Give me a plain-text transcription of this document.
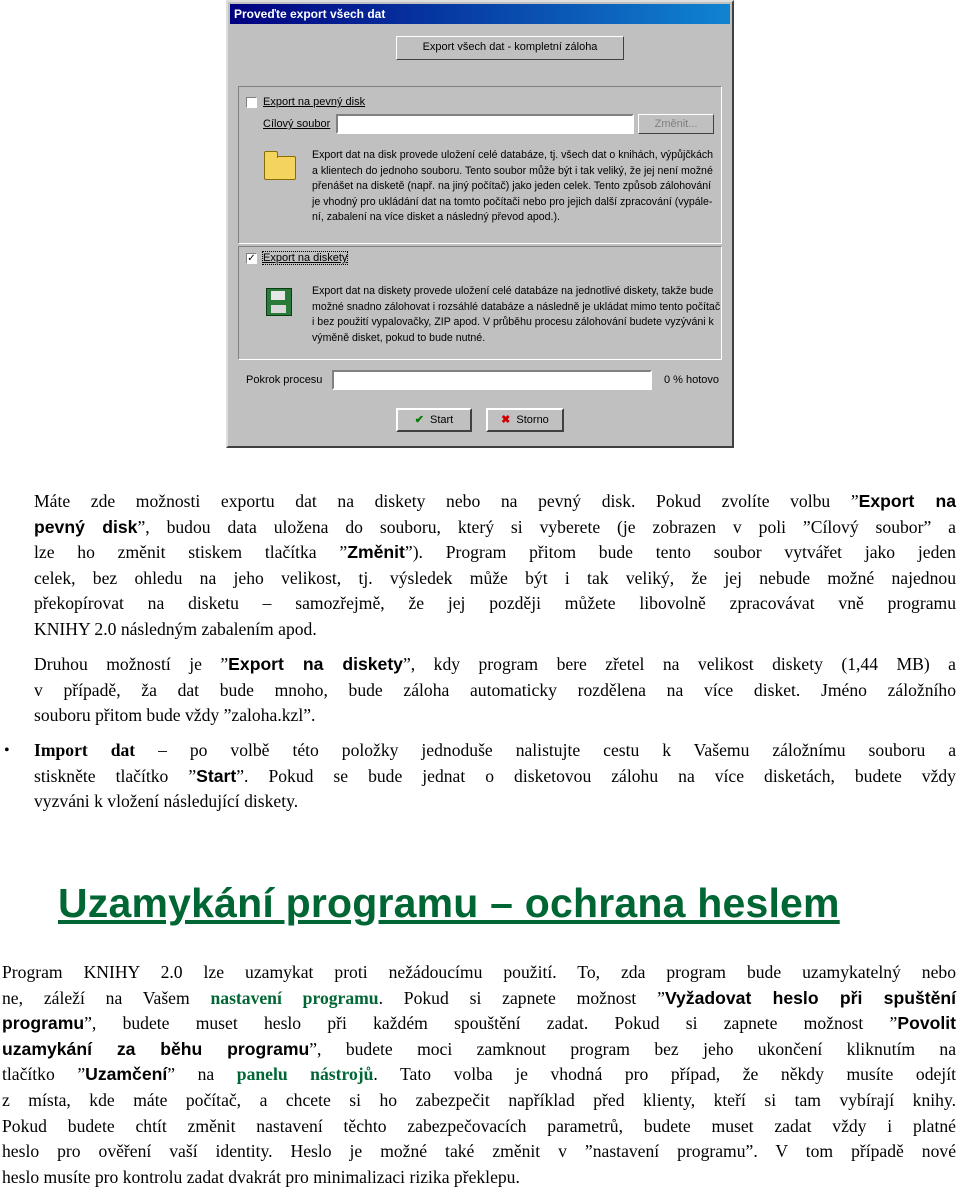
Proveďte export všech dat
Export všech dat - kompletní záloha
Export na pevný disk
Cílový soubor	Změnit...
Export dat na disk provede uložení celé databáze, tj. všech dat o knihách, výpůjčkách
a klientech do jednoho souboru. Tento soubor může být i tak veliký, že jej není možné
přenášet na disketě (např. na jiný počítač) jako jeden celek. Tento způsob zálohování
je vhodný pro ukládání dat na tomto počítači nebo pro jejich další zpracování (vypále-
ní, zabalení na více disket a následný převod apod.).
✓ Export na diskety
Export dat na diskety provede uložení celé databáze na jednotlivé diskety, takže bude
možné snadno zálohovat i rozsáhlé databáze a následně je ukládat mimo tento počítač
i bez použití vypalovačky, ZIP apod. V průběhu procesu zálohování budete vyzýváni k
výměně disket, pokud to bude nutné.
Pokrok procesu	0 % hotovo
✔ Start	✖ Storno
Máte zde možnosti exportu dat na diskety nebo na pevný disk. Pokud zvolíte volbu ”Export na
pevný disk”, budou data uložena do souboru, který si vyberete (je zobrazen v poli ”Cílový soubor” a
lze ho změnit stiskem tlačítka ”Změnit”). Program přitom bude tento soubor vytvářet jako jeden
celek, bez ohledu na jeho velikost, tj. výsledek může být i tak veliký, že jej nebude možné najednou
překopírovat na disketu – samozřejmě, že jej později můžete libovolně zpracovávat vně programu
KNIHY 2.0 následným zabalením apod.
Druhou možností je ”Export na diskety”, kdy program bere zřetel na velikost diskety (1,44 MB) a
v případě, ža dat bude mnoho, bude záloha automaticky rozdělena na více disket. Jméno záložního
souboru přitom bude vždy ”zaloha.kzl”.
• Import dat – po volbě této položky jednoduše nalistujte cestu k Vašemu záložnímu souboru a
stiskněte tlačítko ”Start”. Pokud se bude jednat o disketovou zálohu na více disketách, budete vždy
vyzváni k vložení následující diskety.
Uzamykání programu – ochrana heslem
Program KNIHY 2.0 lze uzamykat proti nežádoucímu použití. To, zda program bude uzamykatelný nebo
ne, záleží na Vašem nastavení programu. Pokud si zapnete možnost ”Vyžadovat heslo při spuštění
programu”, budete muset heslo při každém spouštění zadat. Pokud si zapnete možnost ”Povolit
uzamykání za běhu programu”, budete moci zamknout program bez jeho ukončení kliknutím na
tlačítko ”Uzamčení” na panelu nástrojů. Tato volba je vhodná pro případ, že někdy musíte odejít
z místa, kde máte počítač, a chcete si ho zabezpečit například před klienty, kteří si tam vybírají knihy.
Pokud budete chtít změnit nastavení těchto zabezpečovacích parametrů, budete muset zadat vždy i platné
heslo pro ověření vaší identity. Heslo je možné také změnit v ”nastavení programu”. V tom případě nové
heslo musíte pro kontrolu zadat dvakrát pro minimalizaci rizika překlepu.
